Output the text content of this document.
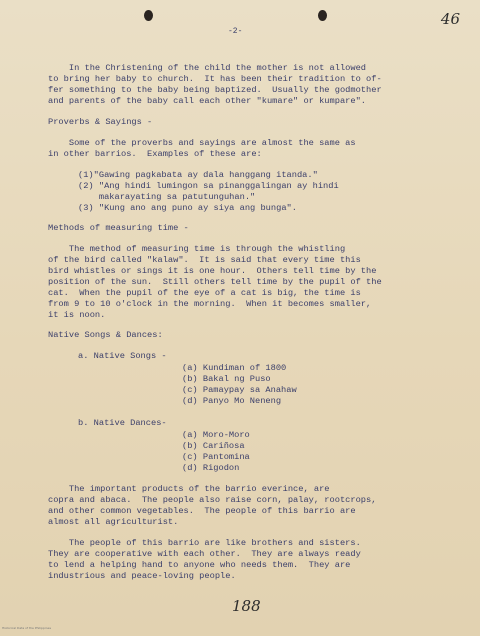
-2-
46
In the Christening of the child the mother is not allowed
to bring her baby to church.  It has been their tradition to of-
fer something to the baby being baptized.  Usually the godmother
and parents of the baby call each other "kumare" or kumpare".
Proverbs & Sayings -
Some of the proverbs and sayings are almost the same as
in other barrios.  Examples of these are:
(1)"Gawing pagkabata ay dala hanggang itanda."
(2) "Ang hindi lumingon sa pinanggalingan ay hindi
makarayating sa patutunguhan."
(3) "Kung ano ang puno ay siya ang bunga".
Methods of measuring time -
The method of measuring time is through the whistling
of the bird called "kalaw".  It is said that every time this
bird whistles or sings it is one hour.  Others tell time by the
position of the sun.  Still others tell time by the pupil of the
cat.  When the pupil of the eye of a cat is big, the time is
from 9 to 10 o'clock in the morning.  When it becomes smaller,
it is noon.
Native Songs & Dances:
a. Native Songs -
(a) Kundiman of 1800
(b) Bakal ng Puso
(c) Pamaypay sa Anahaw
(d) Panyo Mo Neneng
b. Native Dances-
(a) Moro-Moro
(b) Cariñosa
(c) Pantomina
(d) Rigodon
The important products of the barrio everince, are
copra and abaca.  The people also raise corn, palay, rootcrops,
and other common vegetables.  The people of this barrio are
almost all agriculturist.
The people of this barrio are like brothers and sisters.
They are cooperative with each other.  They are always ready
to lend a helping hand to anyone who needs them.  They are
industrious and peace-loving people.
188
Historical Data of the Philippines
